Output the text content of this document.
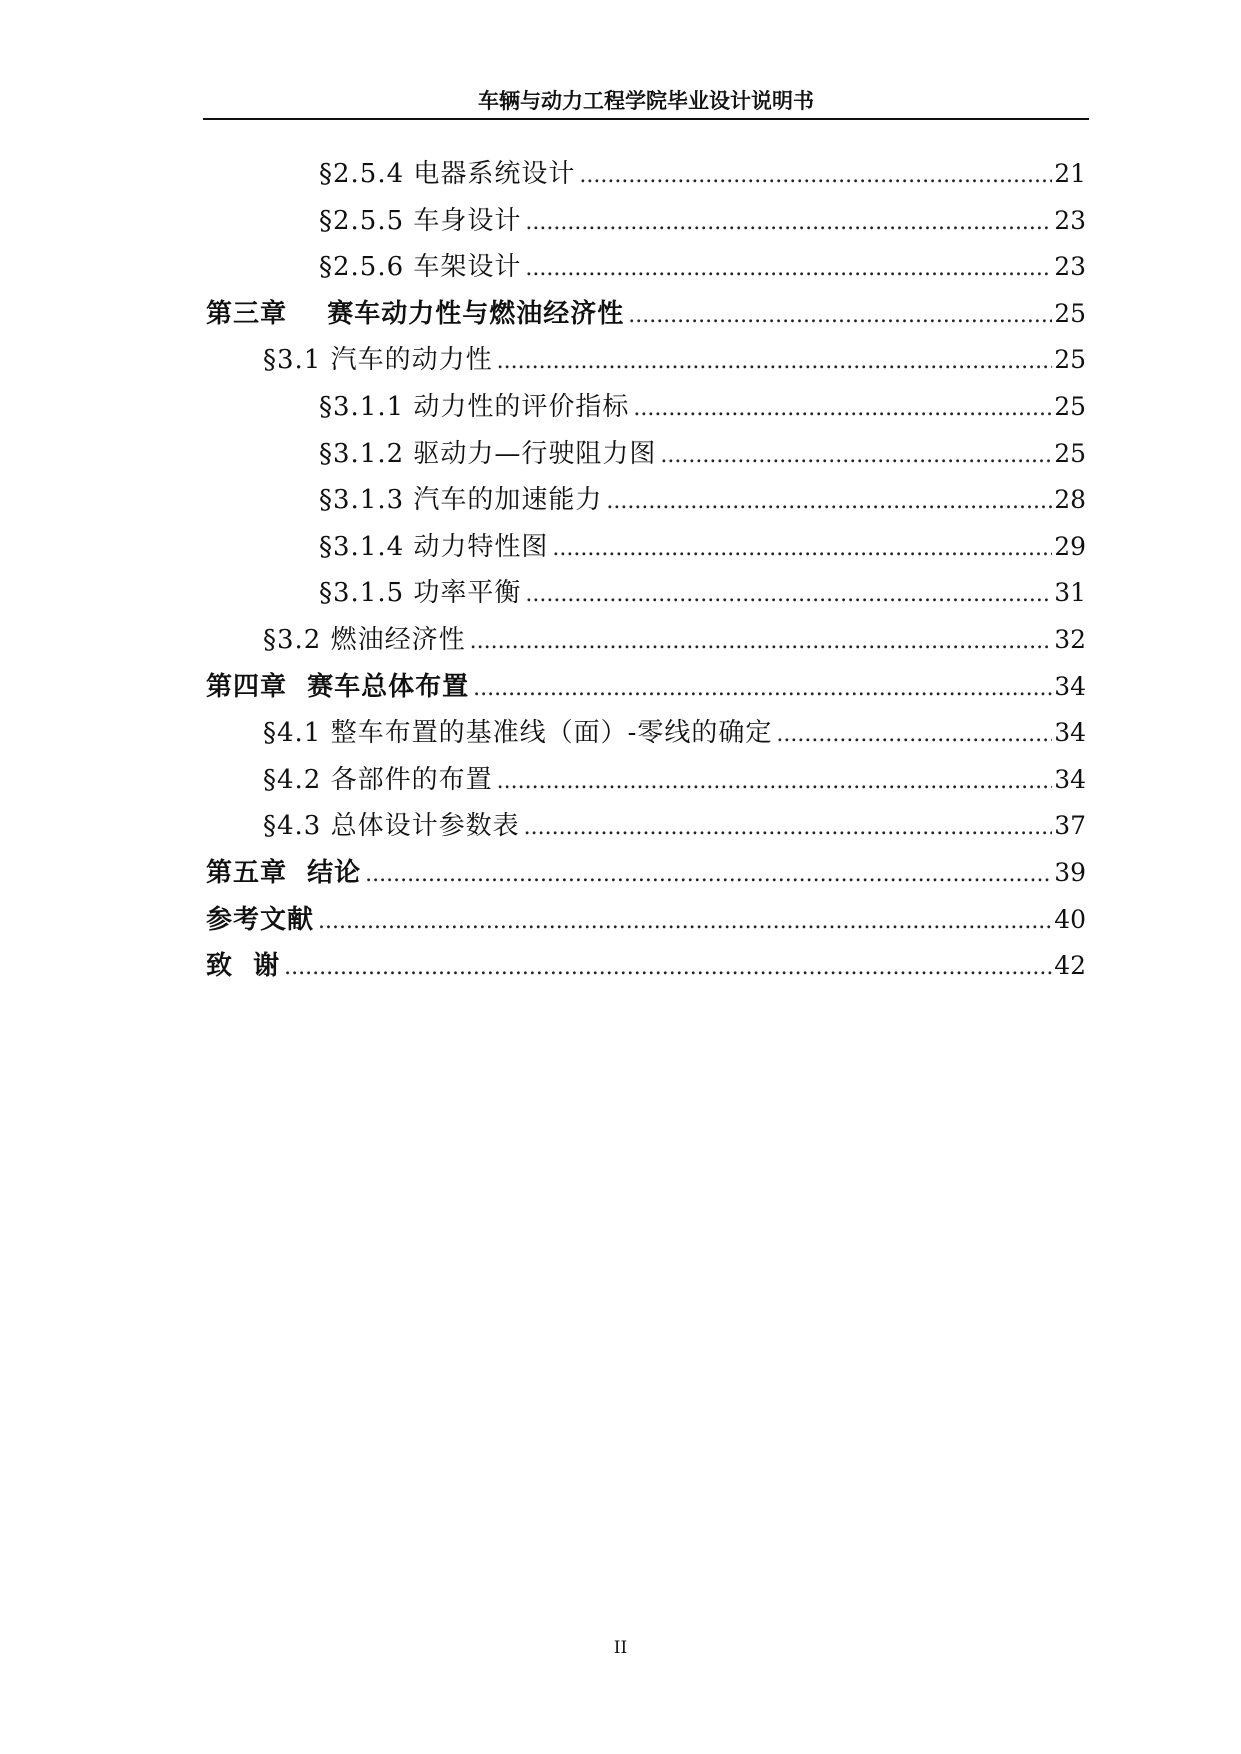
车辆与动力工程学院毕业设计说明书
§2.5.4 电器系统设计 .....	21
§2.5.5 车身设计 .....	23
§2.5.6 车架设计 .....	23
第三章    赛车动力性与燃油经济性 .....	25
§3.1 汽车的动力性 .....	25
§3.1.1 动力性的评价指标 .....	25
§3.1.2 驱动力—行驶阻力图 .....	25
§3.1.3 汽车的加速能力 .....	28
§3.1.4 动力特性图 .....	29
§3.1.5 功率平衡 .....	31
§3.2 燃油经济性 .....	32
第四章  赛车总体布置 .....	34
§4.1 整车布置的基准线（面）-零线的确定 .....	34
§4.2 各部件的布置 .....	34
§4.3 总体设计参数表 .....	37
第五章  结论 .....	39
参考文献 .....	40
致  谢 .....	42
II
